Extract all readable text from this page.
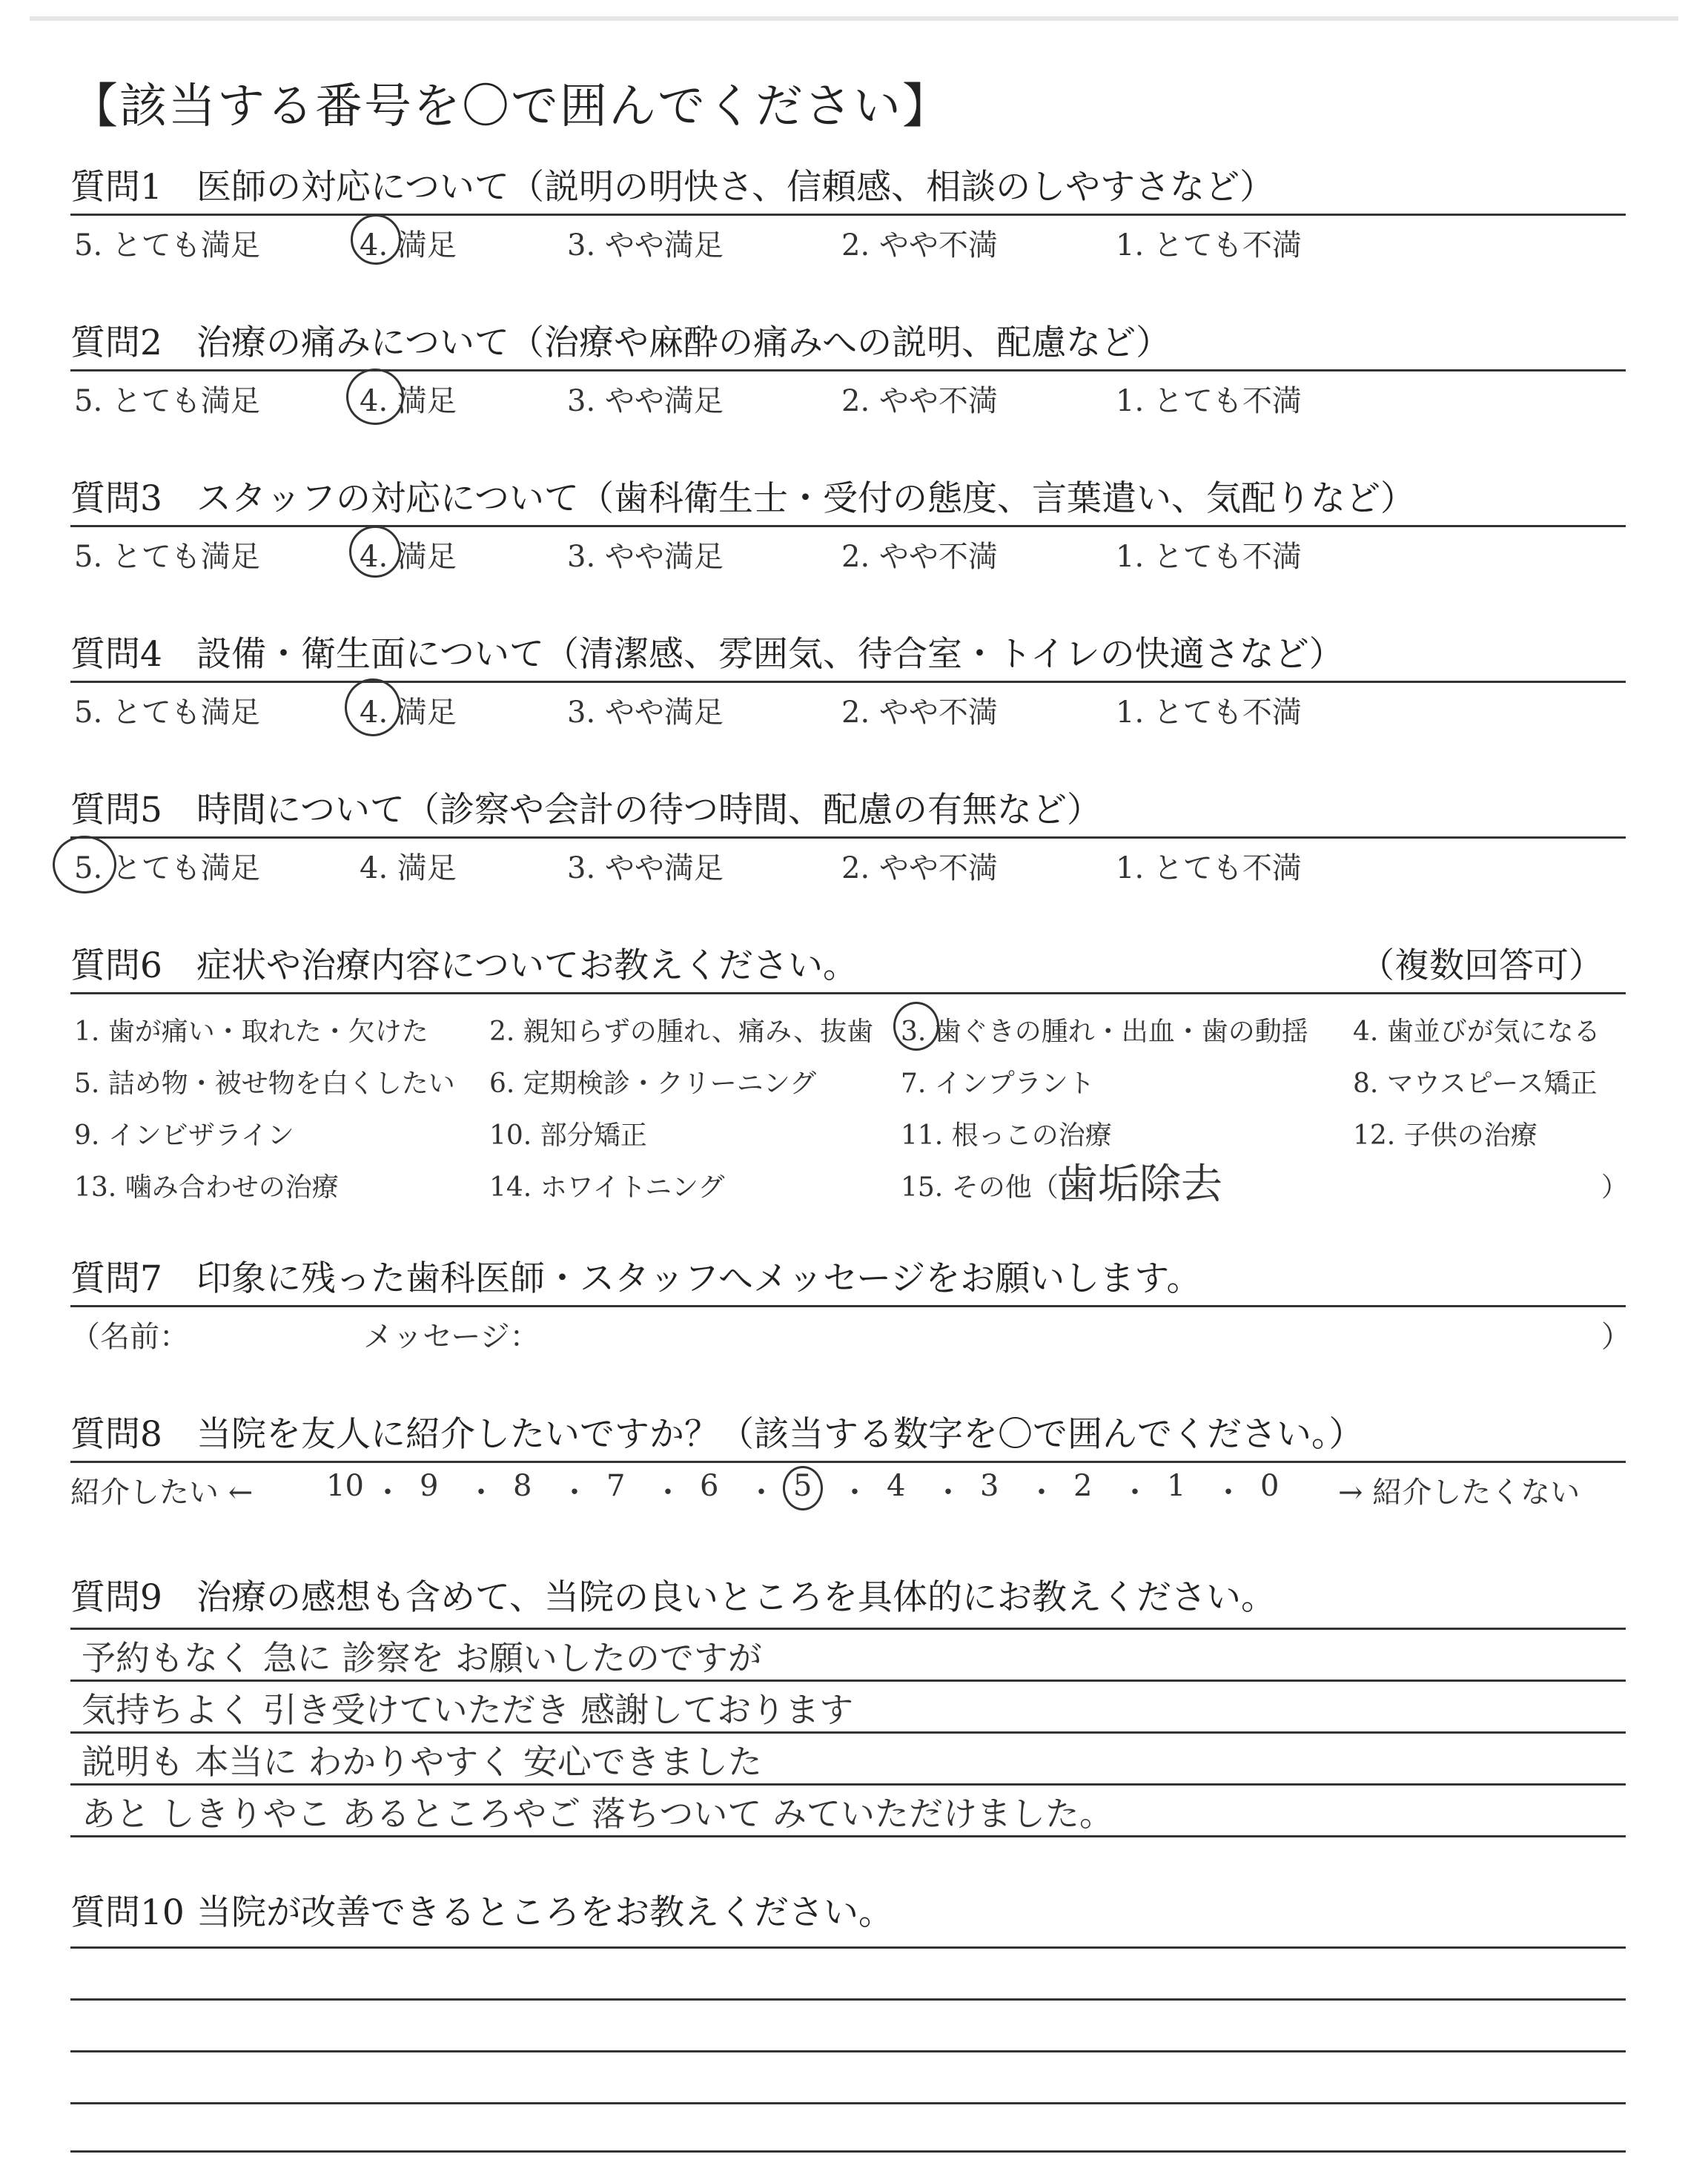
【該当する番号を〇で囲んでください】
質問1 医師の対応について（説明の明快さ、信頼感、相談のしやすさなど）
5. とても満足	4. 満足	3. やや満足	2. やや不満	1. とても不満
質問2 治療の痛みについて（治療や麻酔の痛みへの説明、配慮など）
5. とても満足	4. 満足	3. やや満足	2. やや不満	1. とても不満
質問3 スタッフの対応について（歯科衛生士・受付の態度、言葉遣い、気配りなど）
5. とても満足	4. 満足	3. やや満足	2. やや不満	1. とても不満
質問4 設備・衛生面について（清潔感、雰囲気、待合室・トイレの快適さなど）
5. とても満足	4. 満足	3. やや満足	2. やや不満	1. とても不満
質問5 時間について（診察や会計の待つ時間、配慮の有無など）
5. とても満足	4. 満足	3. やや満足	2. やや不満	1. とても不満
質問6 症状や治療内容についてお教えください。	（複数回答可）
1. 歯が痛い・取れた・欠けた 2. 親知らずの腫れ、痛み、抜歯 3. 歯ぐきの腫れ・出血・歯の動揺 4. 歯並びが気になる
5. 詰め物・被せ物を白くしたい 6. 定期検診・クリーニング	7. インプラント	8. マウスピース矯正
9. インビザライン	10. 部分矯正	11. 根っこの治療	12. 子供の治療
13. 噛み合わせの治療	14. ホワイトニング	15. その他（
歯垢除去	）
質問7 印象に残った歯科医師・スタッフへメッセージをお願いします。
（名前：	メッセージ：	）
質問8 当院を友人に紹介したいですか？（該当する数字を〇で囲んでください。）
紹介したい ←	→ 紹介したくない
10 ・ 9 ・ 8 ・ 7 ・ 6 ・ 5 ・ 4 ・ 3 ・ 2 ・ 1 ・ 0
質問9 治療の感想も含めて、当院の良いところを具体的にお教えください。
予約もなく 急に 診察を お願いしたのですが
気持ちよく 引き受けていただき 感謝しております
説明も 本当に わかりやすく 安心できました
あと しきりやこ あるところやご 落ちついて みていただけました。
質問10 当院が改善できるところをお教えください。
